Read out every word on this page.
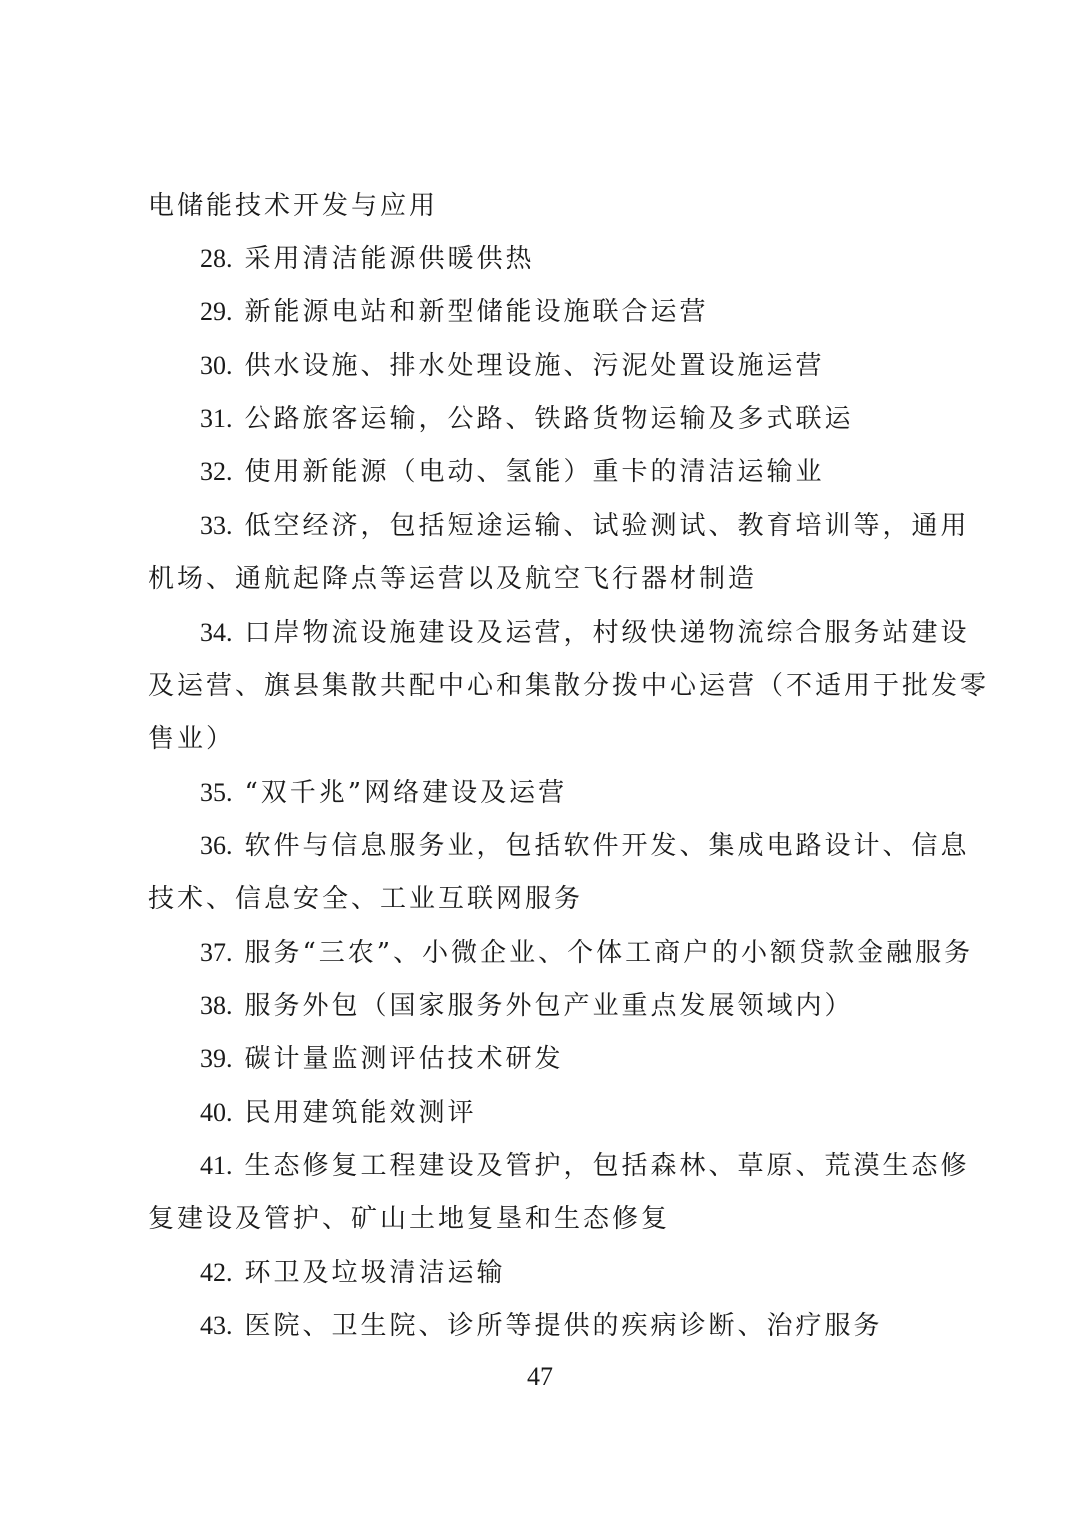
电储能技术开发与应用
28. 采用清洁能源供暖供热
29. 新能源电站和新型储能设施联合运营
30. 供水设施、排水处理设施、污泥处置设施运营
31. 公路旅客运输，公路、铁路货物运输及多式联运
32. 使用新能源（电动、氢能）重卡的清洁运输业
33. 低空经济，包括短途运输、试验测试、教育培训等，通用
机场、通航起降点等运营以及航空飞行器材制造
34. 口岸物流设施建设及运营，村级快递物流综合服务站建设
及运营、旗县集散共配中心和集散分拨中心运营（不适用于批发零
售业）
35. “双千兆”网络建设及运营
36. 软件与信息服务业，包括软件开发、集成电路设计、信息
技术、信息安全、工业互联网服务
37. 服务“三农”、小微企业、个体工商户的小额贷款金融服务
38. 服务外包（国家服务外包产业重点发展领域内）
39. 碳计量监测评估技术研发
40. 民用建筑能效测评
41. 生态修复工程建设及管护，包括森林、草原、荒漠生态修
复建设及管护、矿山土地复垦和生态修复
42. 环卫及垃圾清洁运输
43. 医院、卫生院、诊所等提供的疾病诊断、治疗服务
47
